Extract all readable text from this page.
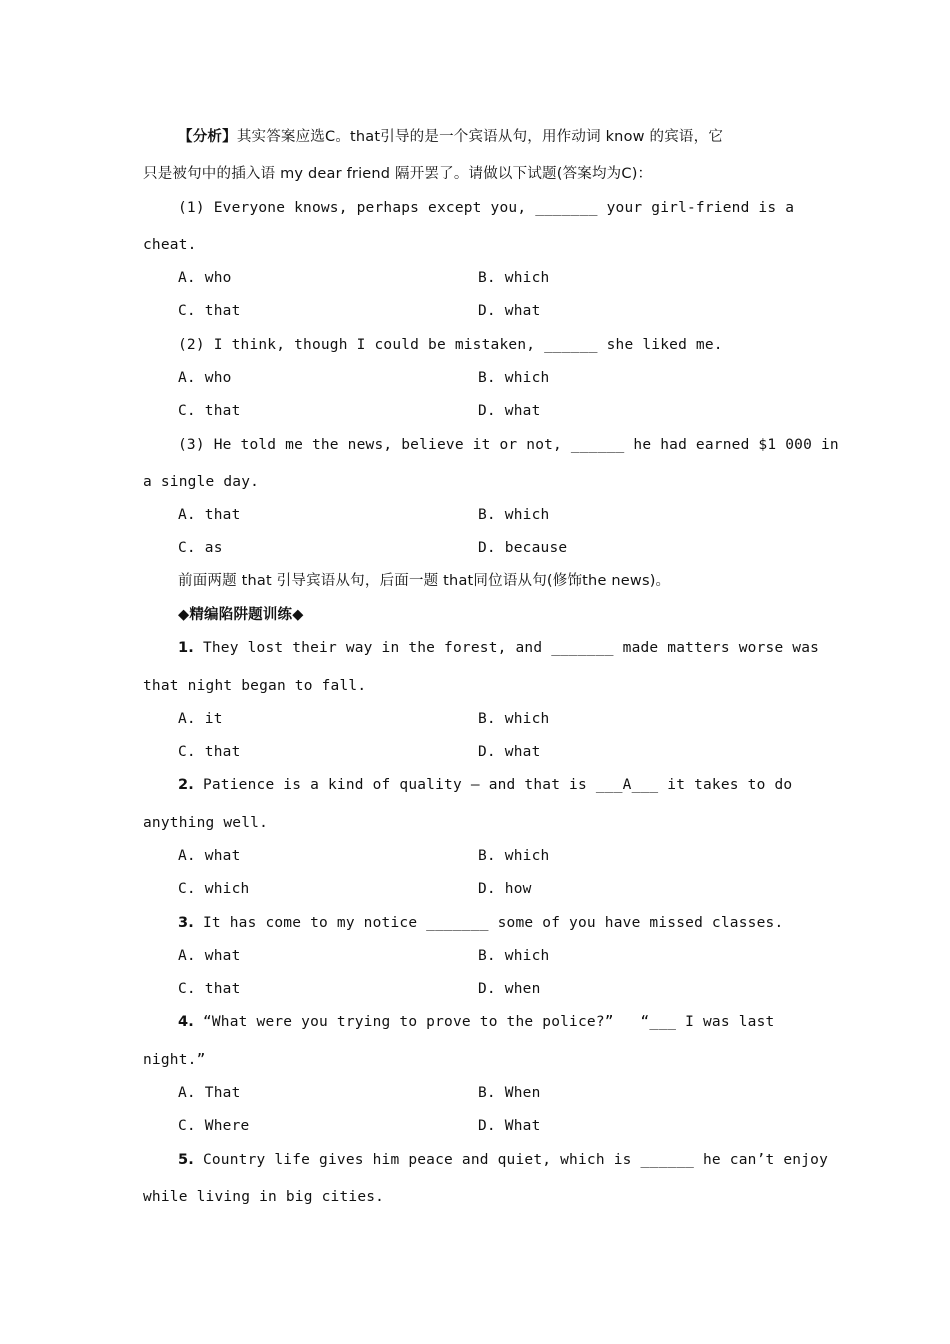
【分析】其实答案应选C。that引导的是一个宾语从句，用作动词 know 的宾语，它
只是被句中的插入语 my dear friend 隔开罢了。请做以下试题(答案均为C)：
(1) Everyone knows, perhaps except you, _______ your girl-friend is a
cheat.
A. who	B. which
C. that	D. what
(2) I think, though I could be mistaken, ______ she liked me.
A. who	B. which
C. that	D. what
(3) He told me the news, believe it or not, ______ he had earned $1 000 in
a single day.
A. that	B. which
C. as	D. because
前面两题 that 引导宾语从句，后面一题 that同位语从句(修饰the news)。
◆精编陷阱题训练◆
1. They lost their way in the forest, and _______ made matters worse was
that night began to fall.
A. it	B. which
C. that	D. what
2. Patience is a kind of quality — and that is ___A___ it takes to do
anything well.
A. what	B. which
C. which	D. how
3. It has come to my notice _______ some of you have missed classes.
A. what	B. which
C. that	D. when
4. “What were you trying to prove to the police?”   “___ I was last
night.”
A. That	B. When
C. Where	D. What
5. Country life gives him peace and quiet, which is ______ he can’t enjoy
while living in big cities.
